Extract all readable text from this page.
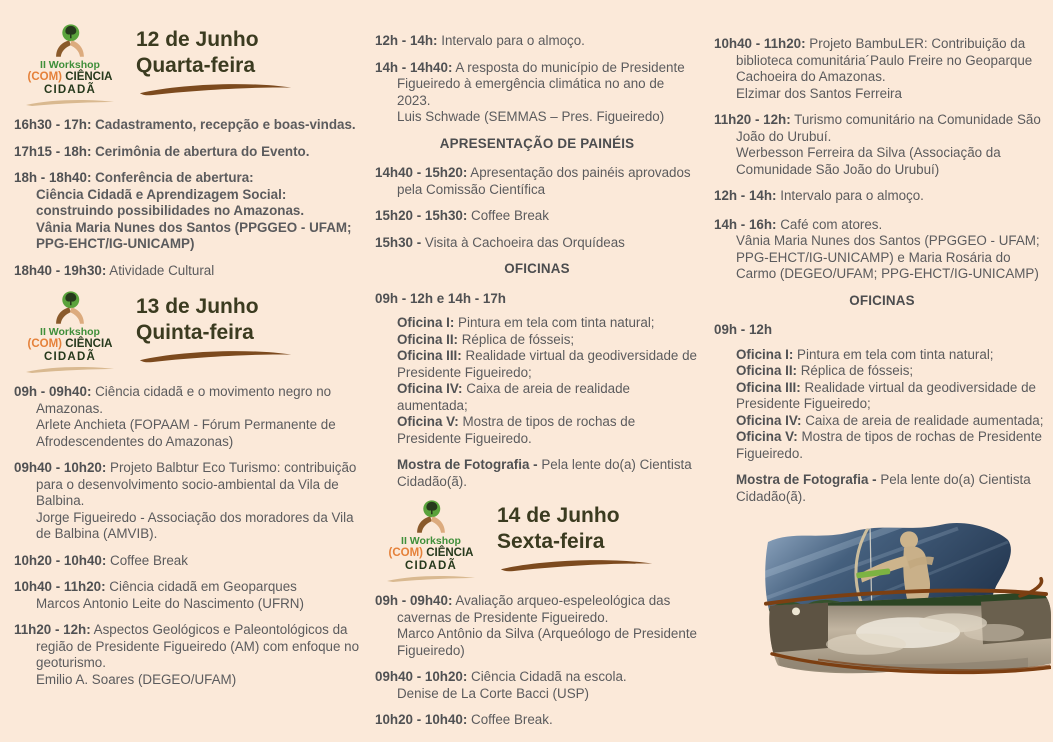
II Workshop
(COM) CIÊNCIA
CIDADÃ
12 de Junho
Quarta-feira

16h30 - 17h: Cadastramento, recepção e boas-vindas.

17h15 - 18h: Cerimônia de abertura do Evento.

18h - 18h40: Conferência de abertura:
Ciência Cidadã e Aprendizagem Social: construindo possibilidades no Amazonas.
Vânia Maria Nunes dos Santos (PPGGEO - UFAM; PPG-EHCT/IG-UNICAMP)

18h40 - 19h30: Atividade Cultural

II Workshop
(COM) CIÊNCIA
CIDADÃ
13 de Junho
Quinta-feira

09h - 09h40: Ciência cidadã e o movimento negro no Amazonas.
Arlete Anchieta (FOPAAM - Fórum Permanente de Afrodescendentes do Amazonas)

09h40 - 10h20: Projeto Balbtur Eco Turismo: contribuição para o desenvolvimento socio-ambiental da Vila de Balbina.
Jorge Figueiredo - Associação dos moradores da Vila de Balbina (AMVIB).

10h20 - 10h40: Coffee Break

10h40 - 11h20: Ciência cidadã em Geoparques
Marcos Antonio Leite do Nascimento (UFRN)

11h20 - 12h: Aspectos Geológicos e Paleontológicos da região de Presidente Figueiredo (AM) com enfoque no geoturismo.
Emilio A. Soares (DEGEO/UFAM)

12h - 14h: Intervalo para o almoço.

14h - 14h40: A resposta do município de Presidente Figueiredo à emergência climática no ano de 2023.
Luis Schwade (SEMMAS – Pres. Figueiredo)

APRESENTAÇÃO DE PAINÉIS

14h40 - 15h20: Apresentação dos painéis aprovados pela Comissão Científica

15h20 - 15h30: Coffee Break

15h30 - Visita à Cachoeira das Orquídeas

OFICINAS

09h - 12h e 14h - 17h

Oficina I: Pintura em tela com tinta natural;

Oficina II: Réplica de fósseis;

Oficina III: Realidade virtual da geodiversidade de Presidente Figueiredo;

Oficina IV: Caixa de areia de realidade aumentada;

Oficina V: Mostra de tipos de rochas de Presidente Figueiredo.

Mostra de Fotografia - Pela lente do(a) Cientista Cidadão(ã).

II Workshop
(COM) CIÊNCIA
CIDADÃ
14 de Junho
Sexta-feira

09h - 09h40: Avaliação arqueo-espeleológica das cavernas de Presidente Figueiredo.
Marco Antônio da Silva (Arqueólogo de Presidente Figueiredo)

09h40 - 10h20: Ciência Cidadã na escola.
Denise de La Corte Bacci (USP)

10h20 - 10h40: Coffee Break.

10h40 - 11h20: Projeto BambuLER: Contribuição da biblioteca comunitária´Paulo Freire no Geoparque Cachoeira do Amazonas.
Elzimar dos Santos Ferreira

11h20 - 12h: Turismo comunitário na Comunidade São João do Urubuí.
Werbesson Ferreira da Silva (Associação da Comunidade São João do Urubuí)

12h - 14h: Intervalo para o almoço.

14h - 16h: Café com atores.
Vânia Maria Nunes dos Santos (PPGGEO - UFAM; PPG-EHCT/IG-UNICAMP) e Maria Rosária do Carmo (DEGEO/UFAM; PPG-EHCT/IG-UNICAMP)

OFICINAS

09h - 12h

Oficina I: Pintura em tela com tinta natural;

Oficina II: Réplica de fósseis;

Oficina III: Realidade virtual da geodiversidade de Presidente Figueiredo;

Oficina IV: Caixa de areia de realidade aumentada;

Oficina V: Mostra de tipos de rochas de Presidente Figueiredo.

Mostra de Fotografia - Pela lente do(a) Cientista Cidadão(ã).
